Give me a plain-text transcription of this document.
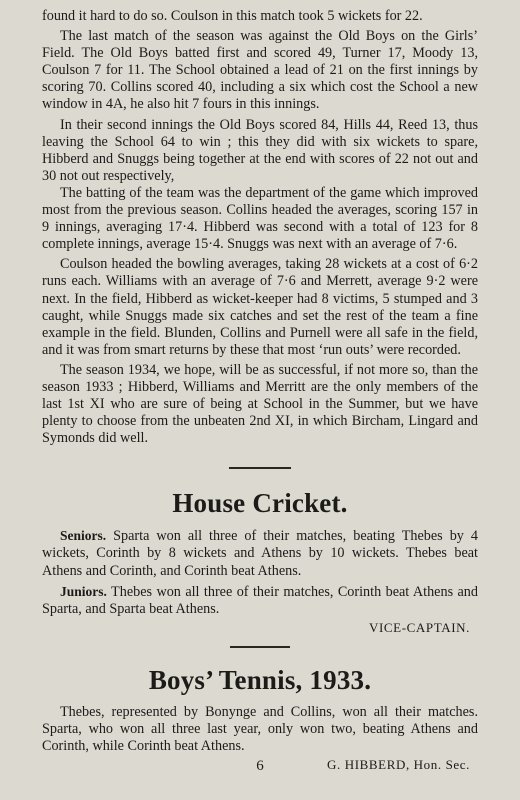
found it hard to do so. Coulson in this match took 5 wickets for 22.

The last match of the season was against the Old Boys on the Girls’ Field. The Old Boys batted first and scored 49, Turner 17, Moody 13, Coulson 7 for 11. The School obtained a lead of 21 on the first innings by scoring 70. Collins scored 40, including a six which cost the School a new window in 4A, he also hit 7 fours in this innings.

In their second innings the Old Boys scored 84, Hills 44, Reed 13, thus leaving the School 64 to win ; this they did with six wickets to spare, Hibberd and Snuggs being together at the end with scores of 22 not out and 30 not out respectively,

The batting of the team was the department of the game which improved most from the previous season. Collins headed the averages, scoring 157 in 9 innings, averaging 17·4. Hibberd was second with a total of 123 for 8 complete innings, average 15·4. Snuggs was next with an average of 7·6.

Coulson headed the bowling averages, taking 28 wickets at a cost of 6·2 runs each. Williams with an average of 7·6 and Merrett, average 9·2 were next. In the field, Hibberd as wicket-keeper had 8 victims, 5 stumped and 3 caught, while Snuggs made six catches and set the rest of the team a fine example in the field. Blunden, Collins and Purnell were all safe in the field, and it was from smart returns by these that most ‘run outs’ were recorded.

The season 1934, we hope, will be as successful, if not more so, than the season 1933 ; Hibberd, Williams and Merritt are the only members of the last 1st XI who are sure of being at School in the Summer, but we have plenty to choose from the unbeaten 2nd XI, in which Bircham, Lingard and Symonds did well.

House Cricket.

Seniors. Sparta won all three of their matches, beating Thebes by 4 wickets, Corinth by 8 wickets and Athens by 10 wickets. Thebes beat Athens and Corinth, and Corinth beat Athens.

Juniors. Thebes won all three of their matches, Corinth beat Athens and Sparta, and Sparta beat Athens.

VICE-CAPTAIN.
Boys’ Tennis, 1933.

Thebes, represented by Bonynge and Collins, won all their matches. Sparta, who won all three last year, only won two, beating Athens and Corinth, while Corinth beat Athens.

G. HIBBERD, Hon. Sec.
6
